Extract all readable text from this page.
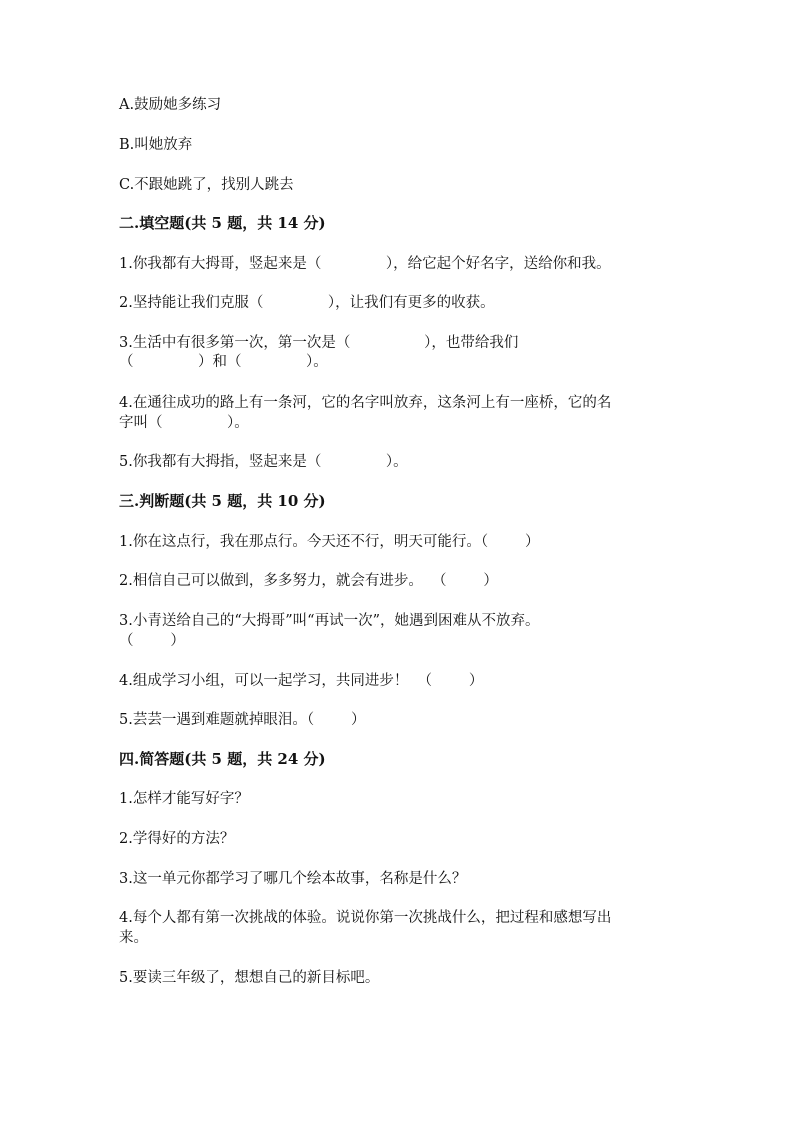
A.鼓励她多练习

B.叫她放弃

C.不跟她跳了，找别人跳去

二.填空题(共 5 题，共 14 分)

1.你我都有大拇哥，竖起来是（              ），给它起个好名字，送给你和我。

2.坚持能让我们克服（              ），让我们有更多的收获。

3.生活中有很多第一次，第一次是（                ），也带给我们

（              ）和（              ）。

4.在通往成功的路上有一条河，它的名字叫放弃，这条河上有一座桥，它的名

字叫（              ）。

5.你我都有大拇指，竖起来是（              ）。

三.判断题(共 5 题，共 10 分)

1.你在这点行，我在那点行。今天还不行，明天可能行。（        ）

2.相信自己可以做到，多多努力，就会有进步。  （        ）

3.小青送给自己的“大拇哥”叫“再试一次”，她遇到困难从不放弃。

（        ）

4.组成学习小组，可以一起学习，共同进步！  （        ）

5.芸芸一遇到难题就掉眼泪。（        ）

四.简答题(共 5 题，共 24 分)

1.怎样才能写好字？

2.学得好的方法？

3.这一单元你都学习了哪几个绘本故事，名称是什么？

4.每个人都有第一次挑战的体验。说说你第一次挑战什么，把过程和感想写出

来。

5.要读三年级了，想想自己的新目标吧。
